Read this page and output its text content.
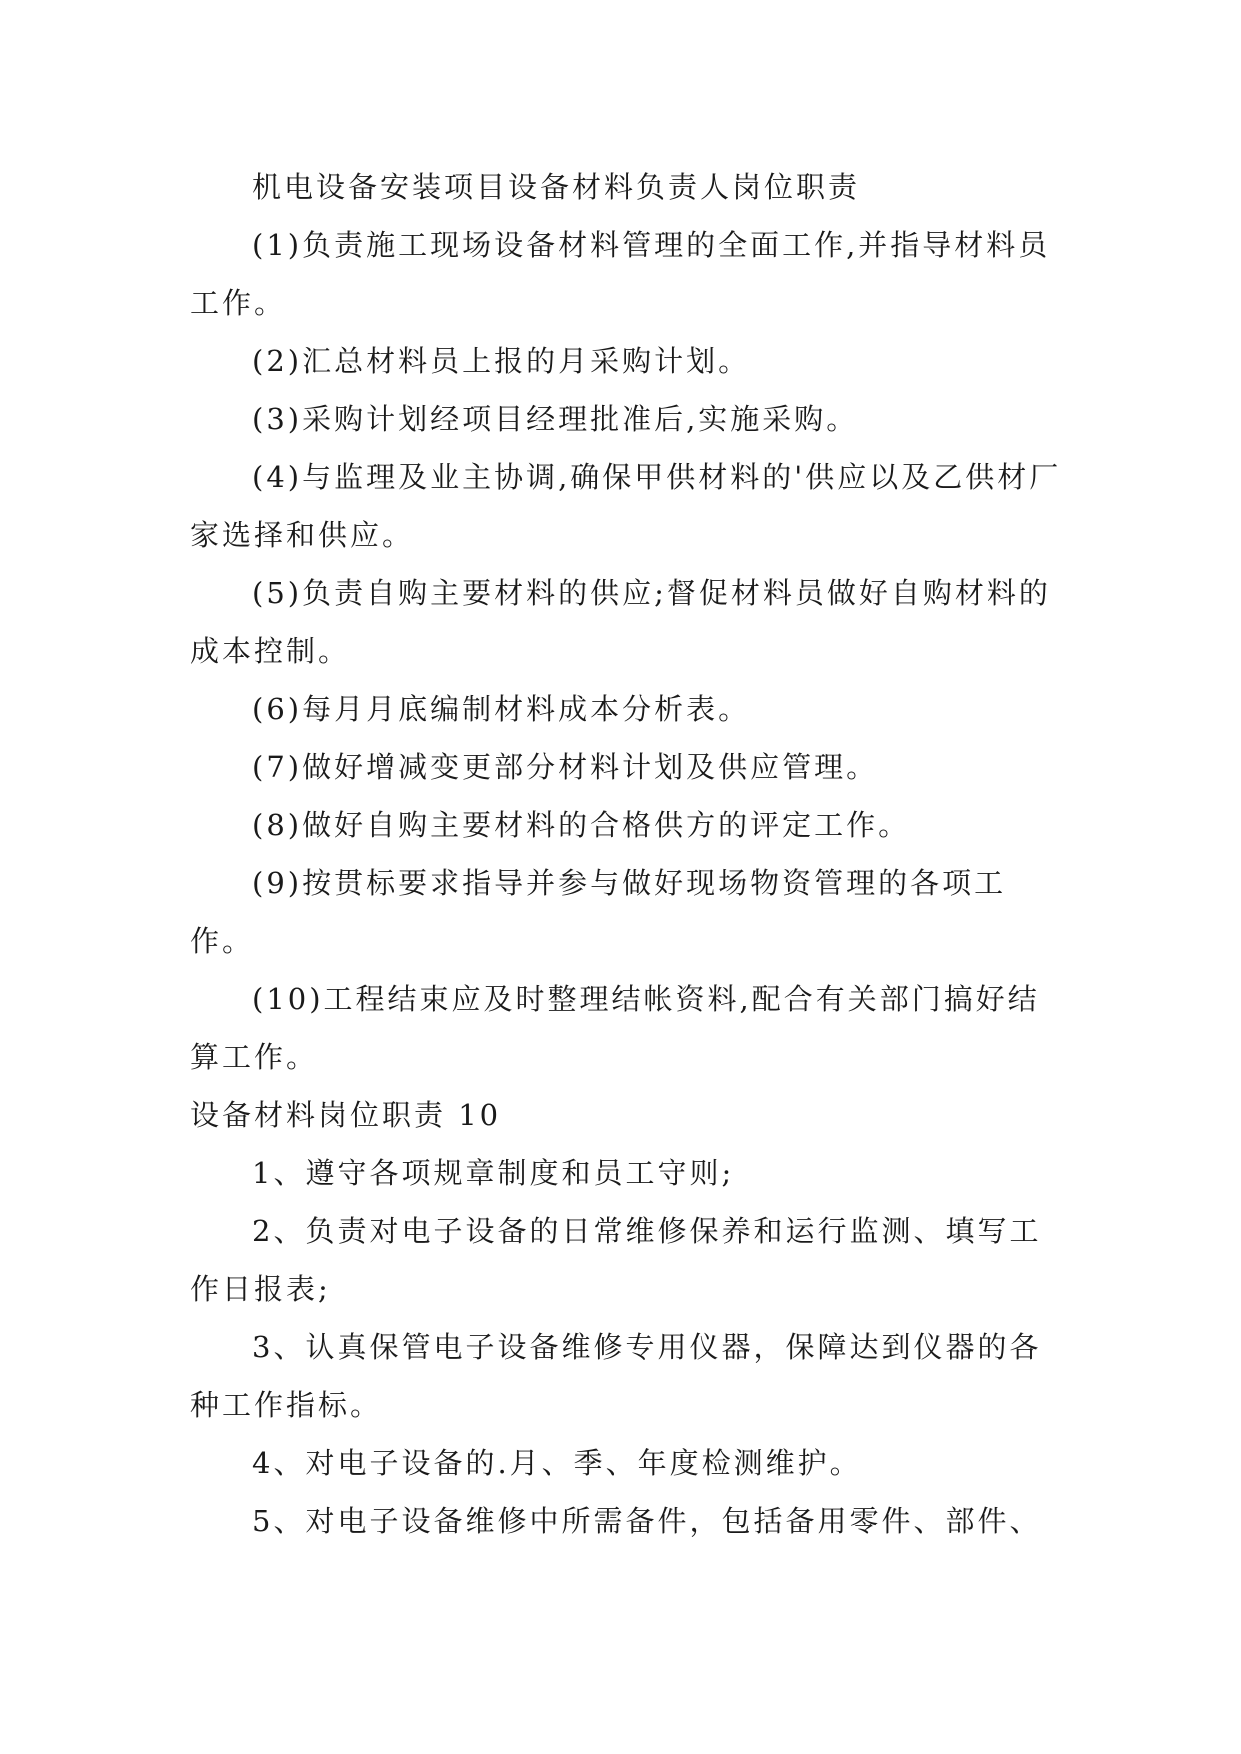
机电设备安装项目设备材料负责人岗位职责

(1)负责施工现场设备材料管理的全面工作,并指导材料员工作。

(2)汇总材料员上报的月采购计划。

(3)采购计划经项目经理批准后,实施采购。

(4)与监理及业主协调,确保甲供材料的'供应以及乙供材厂家选择和供应。

(5)负责自购主要材料的供应;督促材料员做好自购材料的成本控制。

(6)每月月底编制材料成本分析表。

(7)做好增减变更部分材料计划及供应管理。

(8)做好自购主要材料的合格供方的评定工作。

(9)按贯标要求指导并参与做好现场物资管理的各项工作。

(10)工程结束应及时整理结帐资料,配合有关部门搞好结算工作。

设备材料岗位职责 10

1、遵守各项规章制度和员工守则;

2、负责对电子设备的日常维修保养和运行监测、填写工作日报表;

3、认真保管电子设备维修专用仪器，保障达到仪器的各种工作指标。

4、对电子设备的.月、季、年度检测维护。

5、对电子设备维修中所需备件，包括备用零件、部件、
